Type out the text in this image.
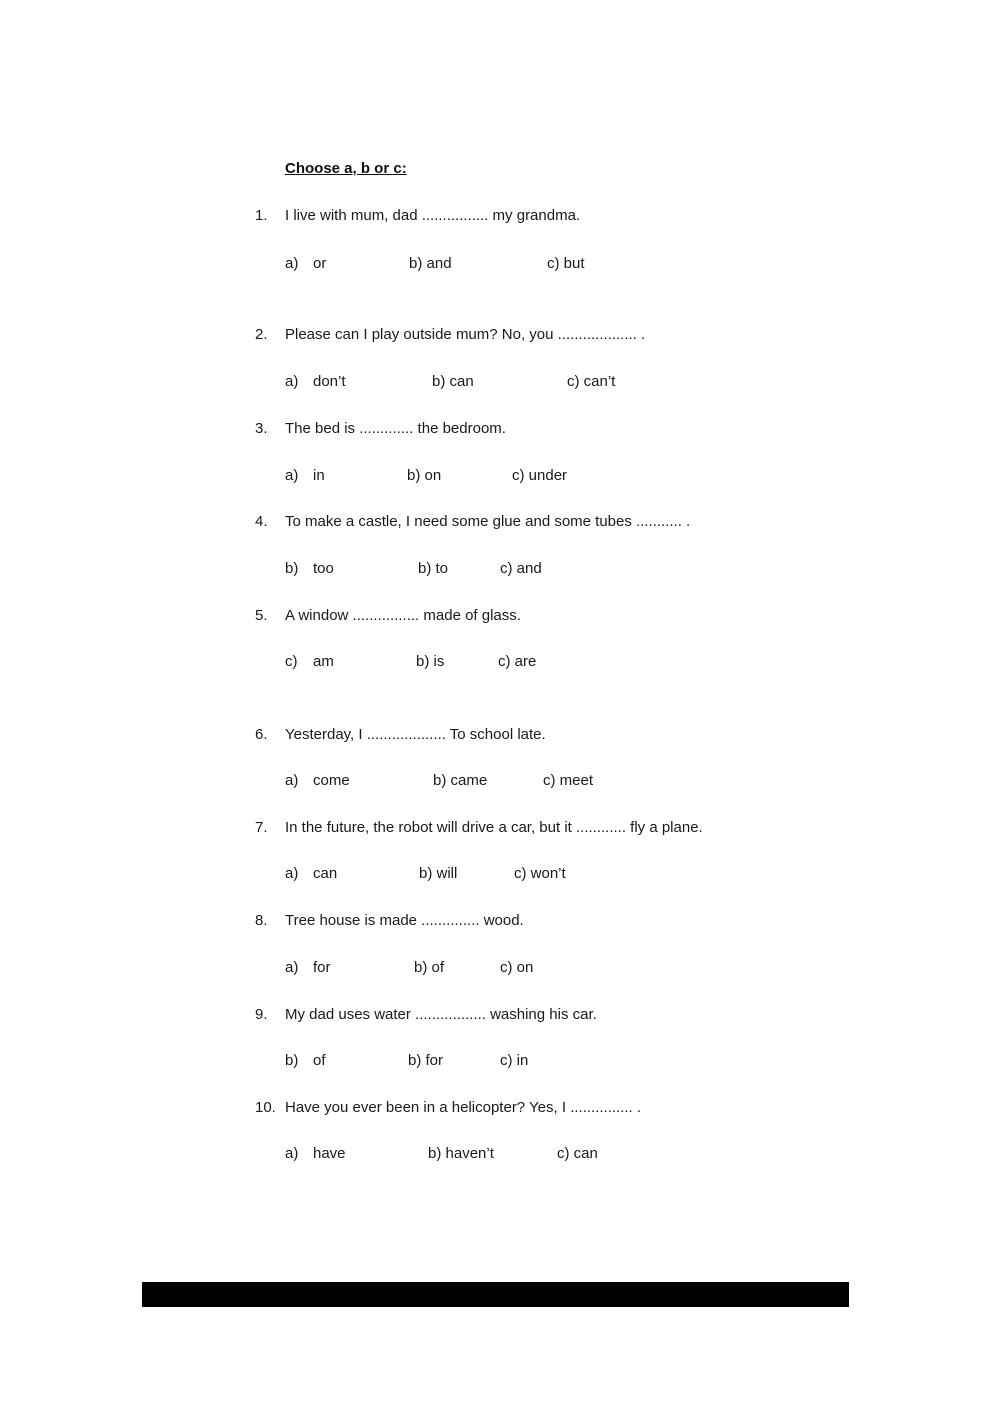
Choose a, b or c:
1. I live with mum, dad ................ my grandma.
a) or	b) and	c) but
2. Please can I play outside mum? No, you ................... .
a) don’t	b) can	c) can’t
3. The bed is ............. the bedroom.
a) in	b) on	c) under
4. To make a castle, I need some glue and some tubes ........... .
b) too	b) to	c) and
5. A window ................ made of glass.
c) am	b) is	c) are
6. Yesterday, I ................... To school late.
a) come	b) came	c) meet
7. In the future, the robot will drive a car, but it ............ fly a plane.
a) can	b) will	c) won’t
8. Tree house is made .............. wood.
a) for	b) of	c) on
9. My dad uses water ................. washing his car.
b) of	b) for	c) in
10. Have you ever been in a helicopter? Yes, I ............... .
a) have	b) haven’t	c) can
